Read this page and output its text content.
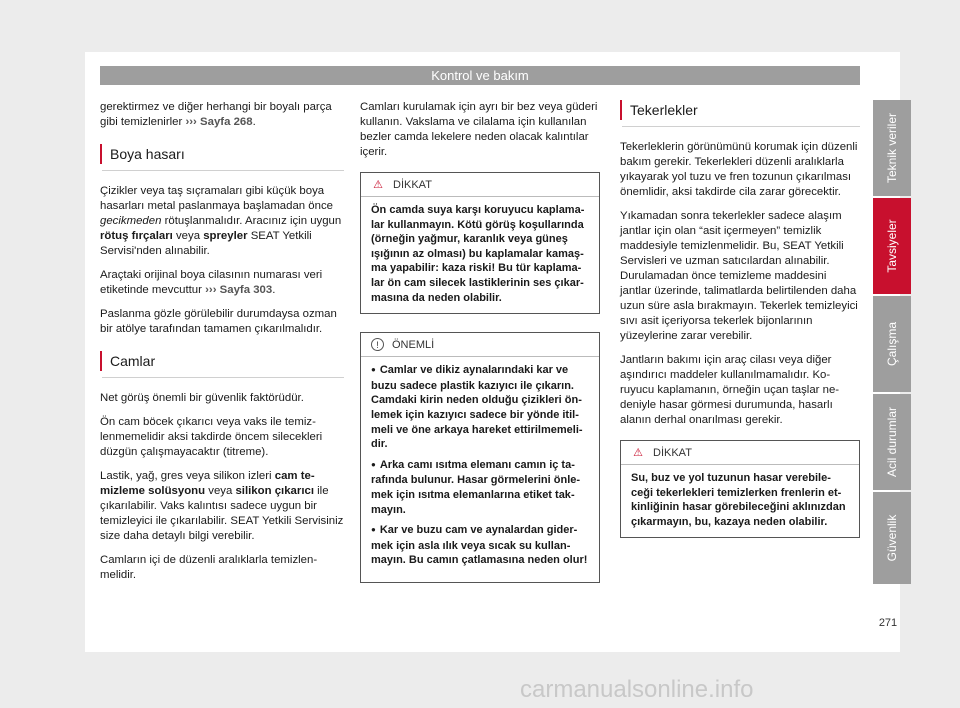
Kontrol ve bakım

gerektirmez ve diğer herhangi bir boyalı parça gibi temizlenirler ››› Sayfa 268.

Boya hasarı

Çizikler veya taş sıçramaları gibi küçük boya hasarları metal paslanmaya başlamadan önce gecikmeden rötuşlanmalıdır. Aracınız için uygun rötuş fırçaları veya spreyler SEAT Yetkili Servisi'nden alınabilir.

Araçtaki orijinal boya cilasının numarası veri etiketinde mevcuttur ››› Sayfa 303.

Paslanma gözle görülebilir durumdaysa ozman bir atölye tarafından tamamen çıkarılmalıdır.

Camlar

Net görüş önemli bir güvenlik faktörüdür.

Ön cam böcek çıkarıcı veya vaks ile temizlenmemelidir aksi takdirde öncem silecekleri düzgün çalışmayacaktır (titreme).

Lastik, yağ, gres veya silikon izleri cam temizleme solüsyonu veya silikon çıkarıcı ile çıkarılabilir. Vaks kalıntısı sadece uygun bir temizleyici ile çıkarılabilir. SEAT Yetkili Servisiniz size daha detaylı bilgi verebilir.

Camların içi de düzenli aralıklarla temizlenmelidir.

Camları kurulamak için ayrı bir bez veya güderi kullanın. Vakslama ve cilalama için kullanılan bezler camda lekelere neden olacak kalıntılar içerir.

⚠ DİKKAT
Ön camda suya karşı koruyucu kaplamalar kullanmayın. Kötü görüş koşullarında (örneğin yağmur, karanlık veya güneş ışığının az olması) bu kaplamalar kamaşma yapabilir: kaza riski! Bu tür kaplamalar ön cam silecek lastiklerinin ses çıkarmasına da neden olabilir.
!	ÖNEMLİ

● Camlar ve dikiz aynalarındaki kar ve buzu sadece plastik kazıyıcı ile çıkarın. Camdaki kirin neden olduğu çizikleri önlemek için kazıyıcı sadece bir yönde itilmeli ve öne arkaya hareket ettirilmemelidir.

● Arka camı ısıtma elemanı camın iç tarafında bulunur. Hasar görmelerini önlemek için ısıtma elemanlarına etiket takmayın.

● Kar ve buzu cam ve aynalardan gidermek için asla ılık veya sıcak su kullanmayın. Bu camın çatlamasına neden olur!

Tekerlekler

Tekerleklerin görünümünü korumak için düzenli bakım gerekir. Tekerlekleri düzenli aralıklarla yıkayarak yol tuzu ve fren tozunun çıkarılması önemlidir, aksi takdirde cila zarar görecektir.

Yıkamadan sonra tekerlekler sadece alaşım jantlar için olan “asit içermeyen” temizlik maddesiyle temizlenmelidir. Bu, SEAT Yetkili Servisleri ve uzman satıcılardan alınabilir. Durulamadan önce temizleme maddesini jantlar üzerinde, talimatlarda belirtilenden daha uzun süre asla bırakmayın. Tekerlek temizleyici sıvı asit içeriyorsa tekerlek bijonlarının yüzeylerine zarar verebilir.

Jantların bakımı için araç cilası veya diğer aşındırıcı maddeler kullanılmamalıdır. Koruyucu kaplamanın, örneğin uçan taşlar nedeniyle hasar görmesi durumunda, hasarlı alanın derhal onarılması gerekir.

⚠ DİKKAT
Su, buz ve yol tuzunun hasar verebileceği tekerlekleri temizlerken frenlerin etkinliğinin hasar görebileceğini aklınızdan çıkarmayın, bu, kazaya neden olabilir.
Teknik veriler
Tavsiyeler
Çalışma
Acil durumlar
Güvenlik
271
carmanualsonline.info
